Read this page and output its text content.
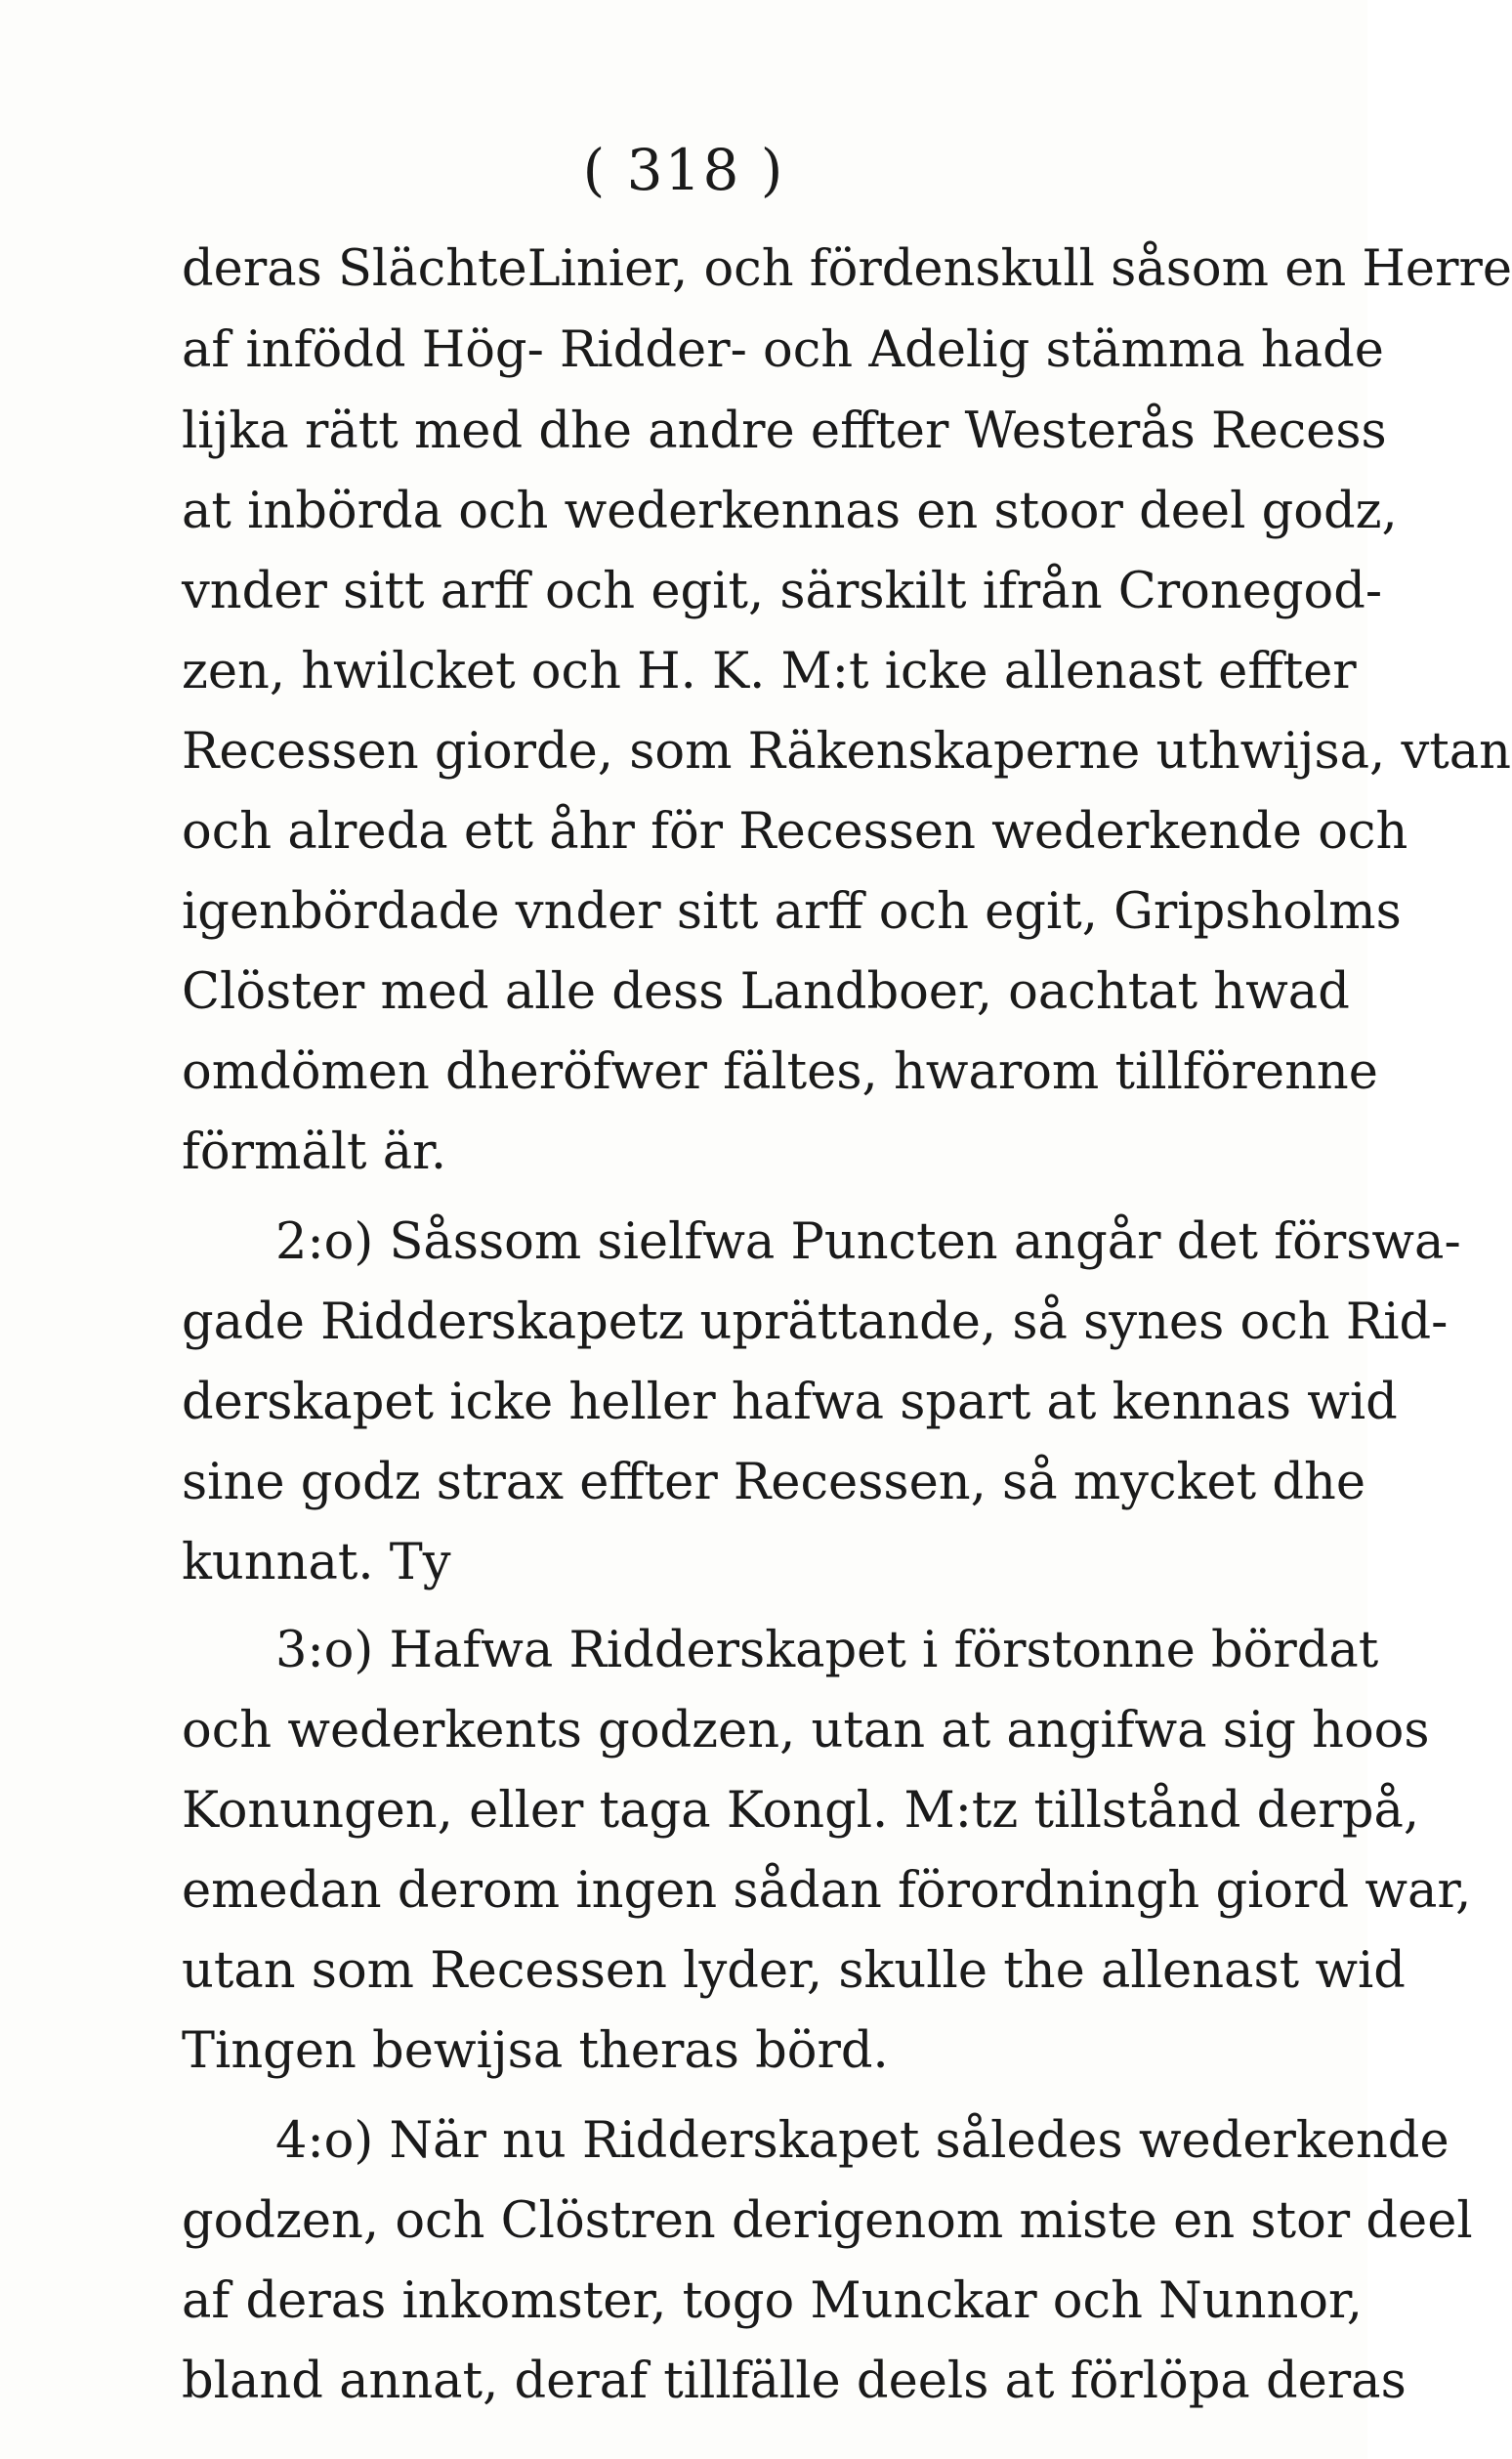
( 318 )
deras SlächteLinier, och fördenskull såsom en Herre
af infödd Hög- Ridder- och Adelig stämma hade
lijka rätt med dhe andre effter Westerås Recess
at inbörda och wederkennas en stoor deel godz,
vnder sitt arff och egit, särskilt ifrån Cronegod-
zen, hwilcket och H. K. M:t icke allenast effter
Recessen giorde, som Räkenskaperne uthwijsa, vtan
och alreda ett åhr för Recessen wederkende och
igenbördade vnder sitt arff och egit, Gripsholms
Clöster med alle dess Landboer, oachtat hwad
omdömen dheröfwer fältes, hwarom tillförenne
förmält är.
2:o) Såssom sielfwa Puncten angår det förswa-
gade Ridderskapetz uprättande, så synes och Rid-
derskapet icke heller hafwa spart at kennas wid
sine godz strax effter Recessen, så mycket dhe
kunnat. Ty
3:o) Hafwa Ridderskapet i förstonne bördat
och wederkents godzen, utan at angifwa sig hoos
Konungen, eller taga Kongl. M:tz tillstånd derpå,
emedan derom ingen sådan förordningh giord war,
utan som Recessen lyder, skulle the allenast wid
Tingen bewijsa theras börd.
4:o) När nu Ridderskapet således wederkende
godzen, och Clöstren derigenom miste en stor deel
af deras inkomster, togo Munckar och Nunnor,
bland annat, deraf tillfälle deels at förlöpa deras
